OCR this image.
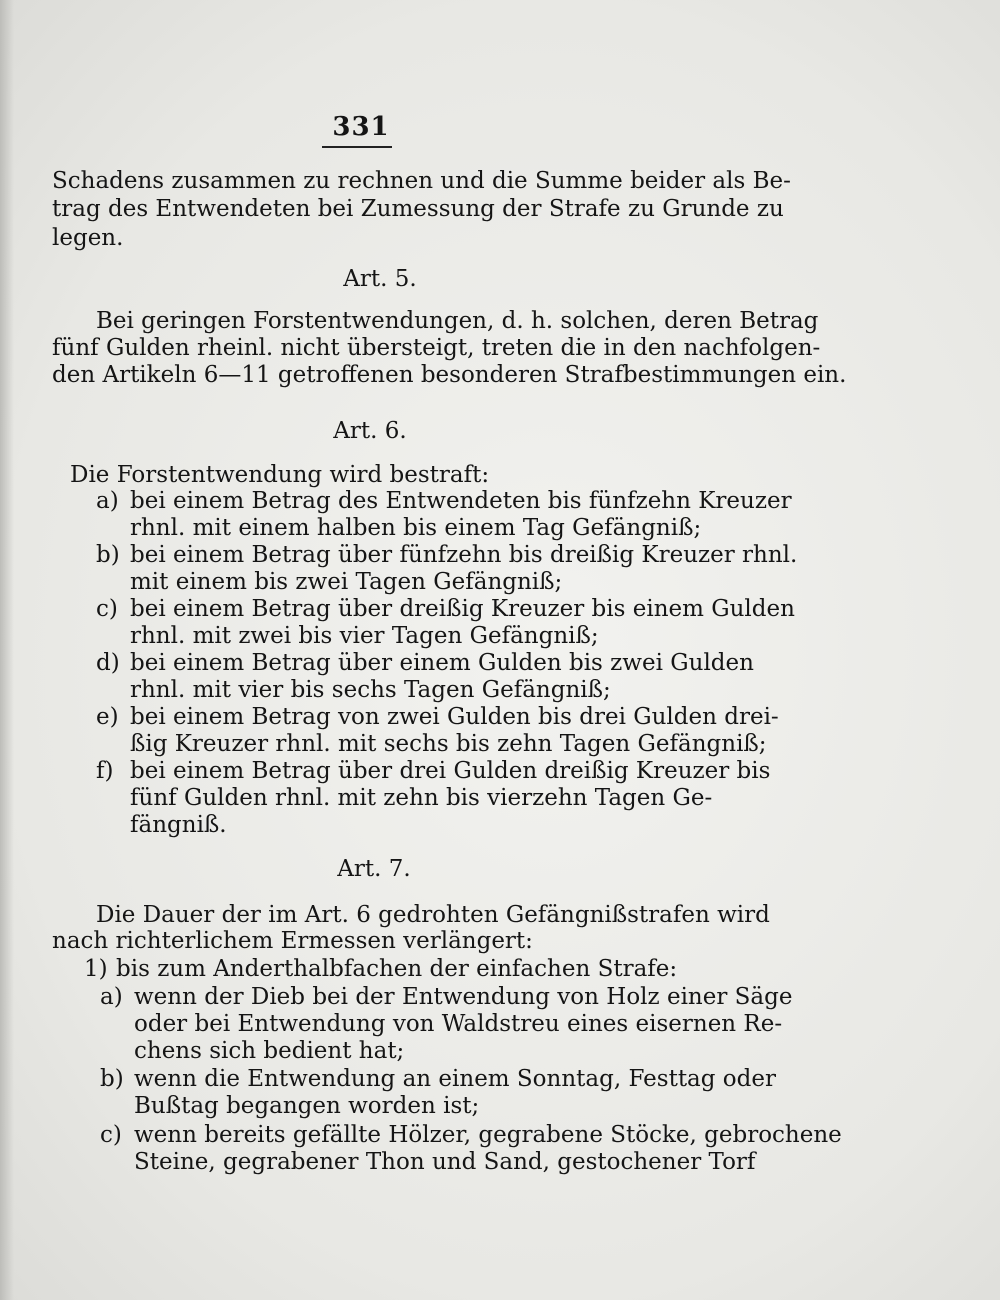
331
Schadens zusammen zu rechnen und die Summe beider als Be-
trag des Entwendeten bei Zumessung der Strafe zu Grunde zu
legen.
Art. 5.
Bei geringen Forstentwendungen, d. h. solchen, deren Betrag
fünf Gulden rheinl. nicht übersteigt, treten die in den nachfolgen-
den Artikeln 6—11 getroffenen besonderen Strafbestimmungen ein.
Art. 6.
Die Forstentwendung wird bestraft:
a) bei einem Betrag des Entwendeten bis fünfzehn Kreuzer
rhnl. mit einem halben bis einem Tag Gefängniß;
b) bei einem Betrag über fünfzehn bis dreißig Kreuzer rhnl.
mit einem bis zwei Tagen Gefängniß;
c) bei einem Betrag über dreißig Kreuzer bis einem Gulden
rhnl. mit zwei bis vier Tagen Gefängniß;
d) bei einem Betrag über einem Gulden bis zwei Gulden
rhnl. mit vier bis sechs Tagen Gefängniß;
e) bei einem Betrag von zwei Gulden bis drei Gulden drei-
ßig Kreuzer rhnl. mit sechs bis zehn Tagen Gefängniß;
f) bei einem Betrag über drei Gulden dreißig Kreuzer bis
fünf Gulden rhnl. mit zehn bis vierzehn Tagen Ge-
fängniß.
Art. 7.
Die Dauer der im Art. 6 gedrohten Gefängnißstrafen wird
nach richterlichem Ermessen verlängert:
1) bis zum Anderthalbfachen der einfachen Strafe:
a) wenn der Dieb bei der Entwendung von Holz einer Säge
oder bei Entwendung von Waldstreu eines eisernen Re-
chens sich bedient hat;
b) wenn die Entwendung an einem Sonntag, Festtag oder
Bußtag begangen worden ist;
c) wenn bereits gefällte Hölzer, gegrabene Stöcke, gebrochene
Steine, gegrabener Thon und Sand, gestochener Torf
